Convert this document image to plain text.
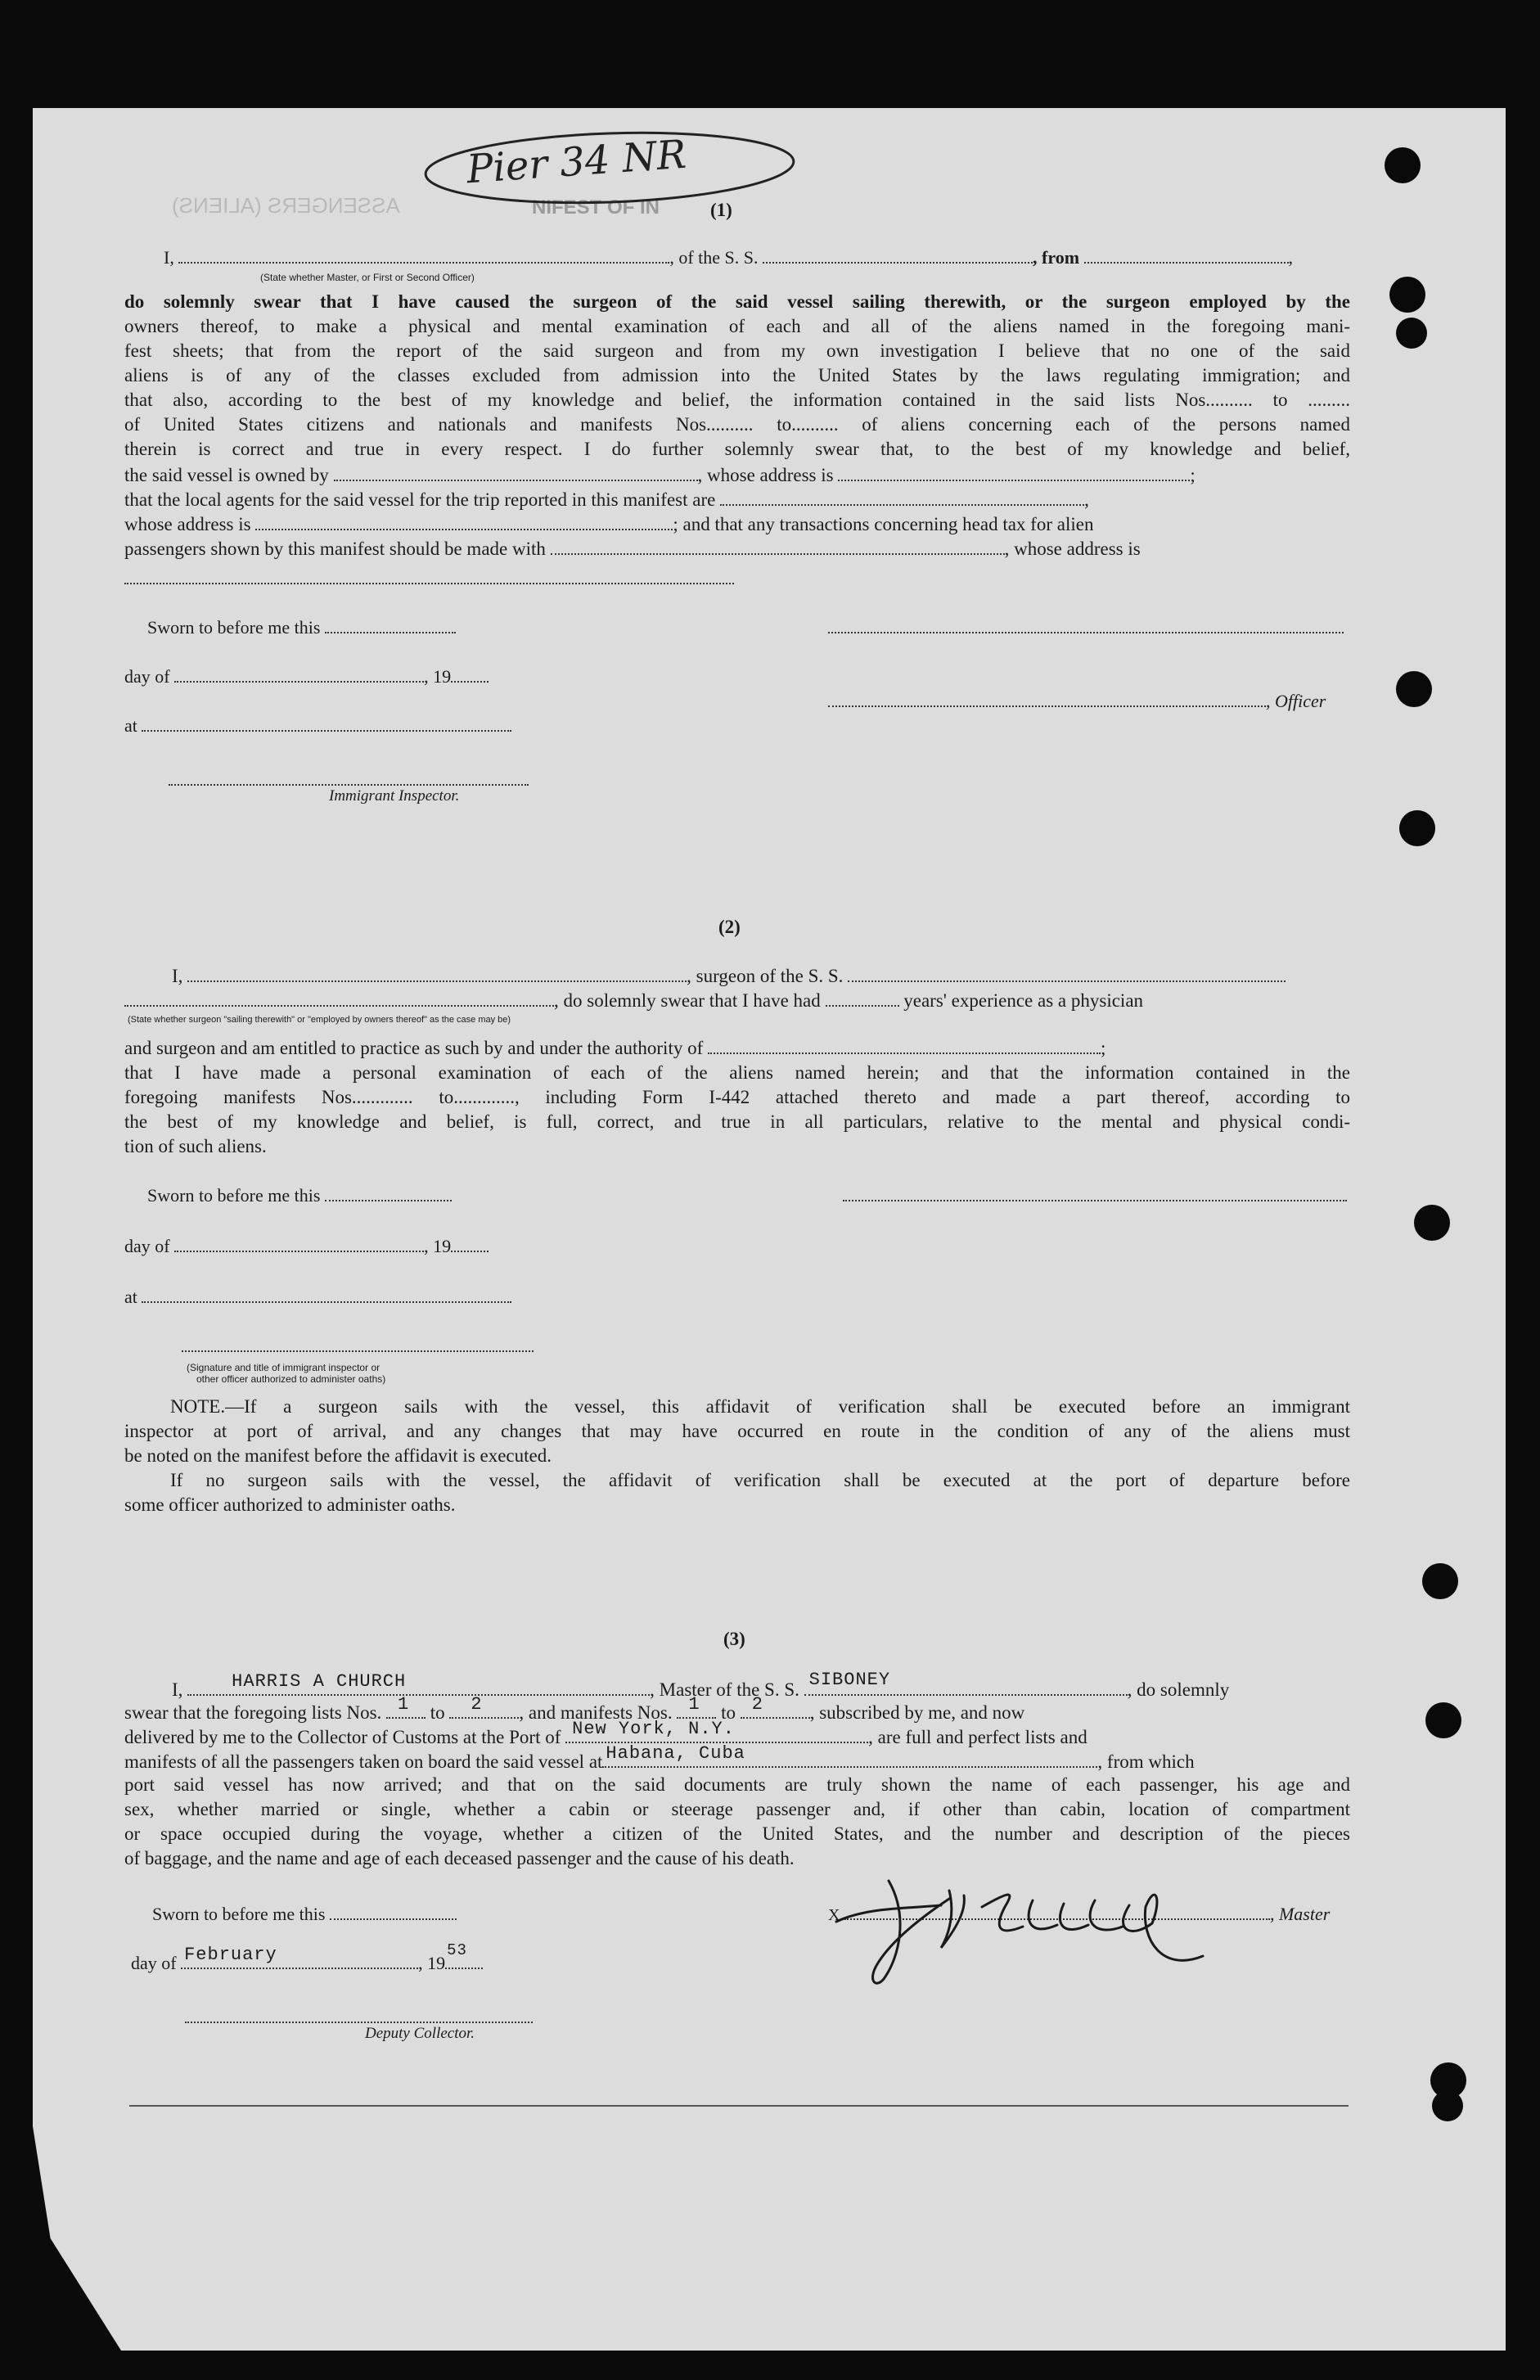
ASSENGERS (ALIENS)	NIFEST OF IN
Pier 34 NR
(1)
I,	, of the S. S.	, from	,
(State whether Master, or First or Second Officer)
do solemnly swear that I have caused the surgeon of the said vessel sailing therewith, or the surgeon employed by the
owners thereof, to make a physical and mental examination of each and all of the aliens named in the foregoing mani-
fest sheets; that from the report of the said surgeon and from my own investigation I believe that no one of the said
aliens is of any of the classes excluded from admission into the United States by the laws regulating immigration; and
that also, according to the best of my knowledge and belief, the information contained in the said lists Nos.......... to .........
of United States citizens and nationals and manifests Nos.......... to.......... of aliens concerning each of the persons named
therein is correct and true in every respect. I do further solemnly swear that, to the best of my knowledge and belief,
the said vessel is owned by	, whose address is	;
that the local agents for the said vessel for the trip reported in this manifest are	,
whose address is	; and that any transactions concerning head tax for alien
passengers shown by this manifest should be made with	, whose address is
Sworn to before me this
day of	, 19
, Officer
at
Immigrant Inspector.
(2)
I,	, surgeon of the S. S.
, do solemnly swear that I have had	years' experience as a physician
(State whether surgeon "sailing therewith" or "employed by owners thereof" as the case may be)
and surgeon and am entitled to practice as such by and under the authority of	;
that I have made a personal examination of each of the aliens named herein; and that the information contained in the
foregoing manifests Nos............. to............., including Form I-442 attached thereto and made a part thereof, according to
the best of my knowledge and belief, is full, correct, and true in all particulars, relative to the mental and physical condi-
tion of such aliens.
Sworn to before me this
day of	, 19
at
(Signature and title of immigrant inspector or
other officer authorized to administer oaths)
NOTE.—If a surgeon sails with the vessel, this affidavit of verification shall be executed before an immigrant
inspector at port of arrival, and any changes that may have occurred en route in the condition of any of the aliens must
be noted on the manifest before the affidavit is executed.
If no surgeon sails with the vessel, the affidavit of verification shall be executed at the port of departure before
some officer authorized to administer oaths.
(3)
I,	HARRIS A CHURCH	, Master of the S. S. SIBONEY	, do solemnly
swear that the foregoing lists Nos. 1 to 2 , and manifests Nos. 1 to 2 , subscribed by me, and now
delivered by me to the Collector of Customs at the Port of New York, N.Y.	, are full and perfect lists and
manifests of all the passengers taken on board the said vessel at Habana, Cuba	, from which
port said vessel has now arrived; and that on the said documents are truly shown the name of each passenger, his age and
sex, whether married or single, whether a cabin or steerage passenger and, if other than cabin, location of compartment
or space occupied during the voyage, whether a citizen of the United States, and the number and description of the pieces
of baggage, and the name and age of each deceased passenger and the cause of his death.
Sworn to before me this	X	, Master
day of February	, 19
53
Deputy Collector.
